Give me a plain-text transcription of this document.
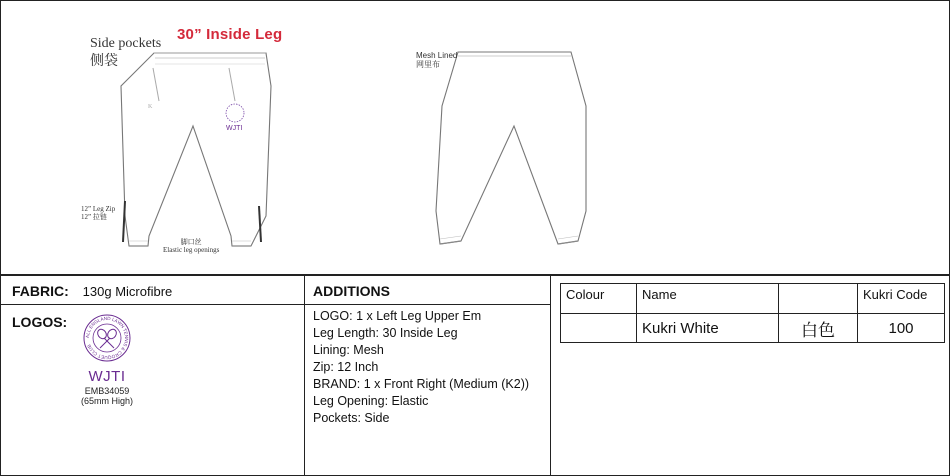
K
WJTI
30” Inside Leg
Side pockets
侧袋	Mesh Lined
网里布
12” Leg Zip
12” 拉链
脚口丝
Elastic leg openings
FABRIC: 130g Microfibre
LOGOS:
ALL ENGLAND LAWN TENNIS & CROQUET CLUB
WJTI
EMB34059
(65mm High)
ADDITIONS
LOGO: 1 x Left Leg Upper Em
Leg Length: 30 Inside Leg
Lining: Mesh
Zip: 12 Inch
BRAND: 1 x Front Right (Medium (K2))
Leg Opening: Elastic
Pockets: Side
Colour	Name		Kukri Code
	Kukri White	白色	100
